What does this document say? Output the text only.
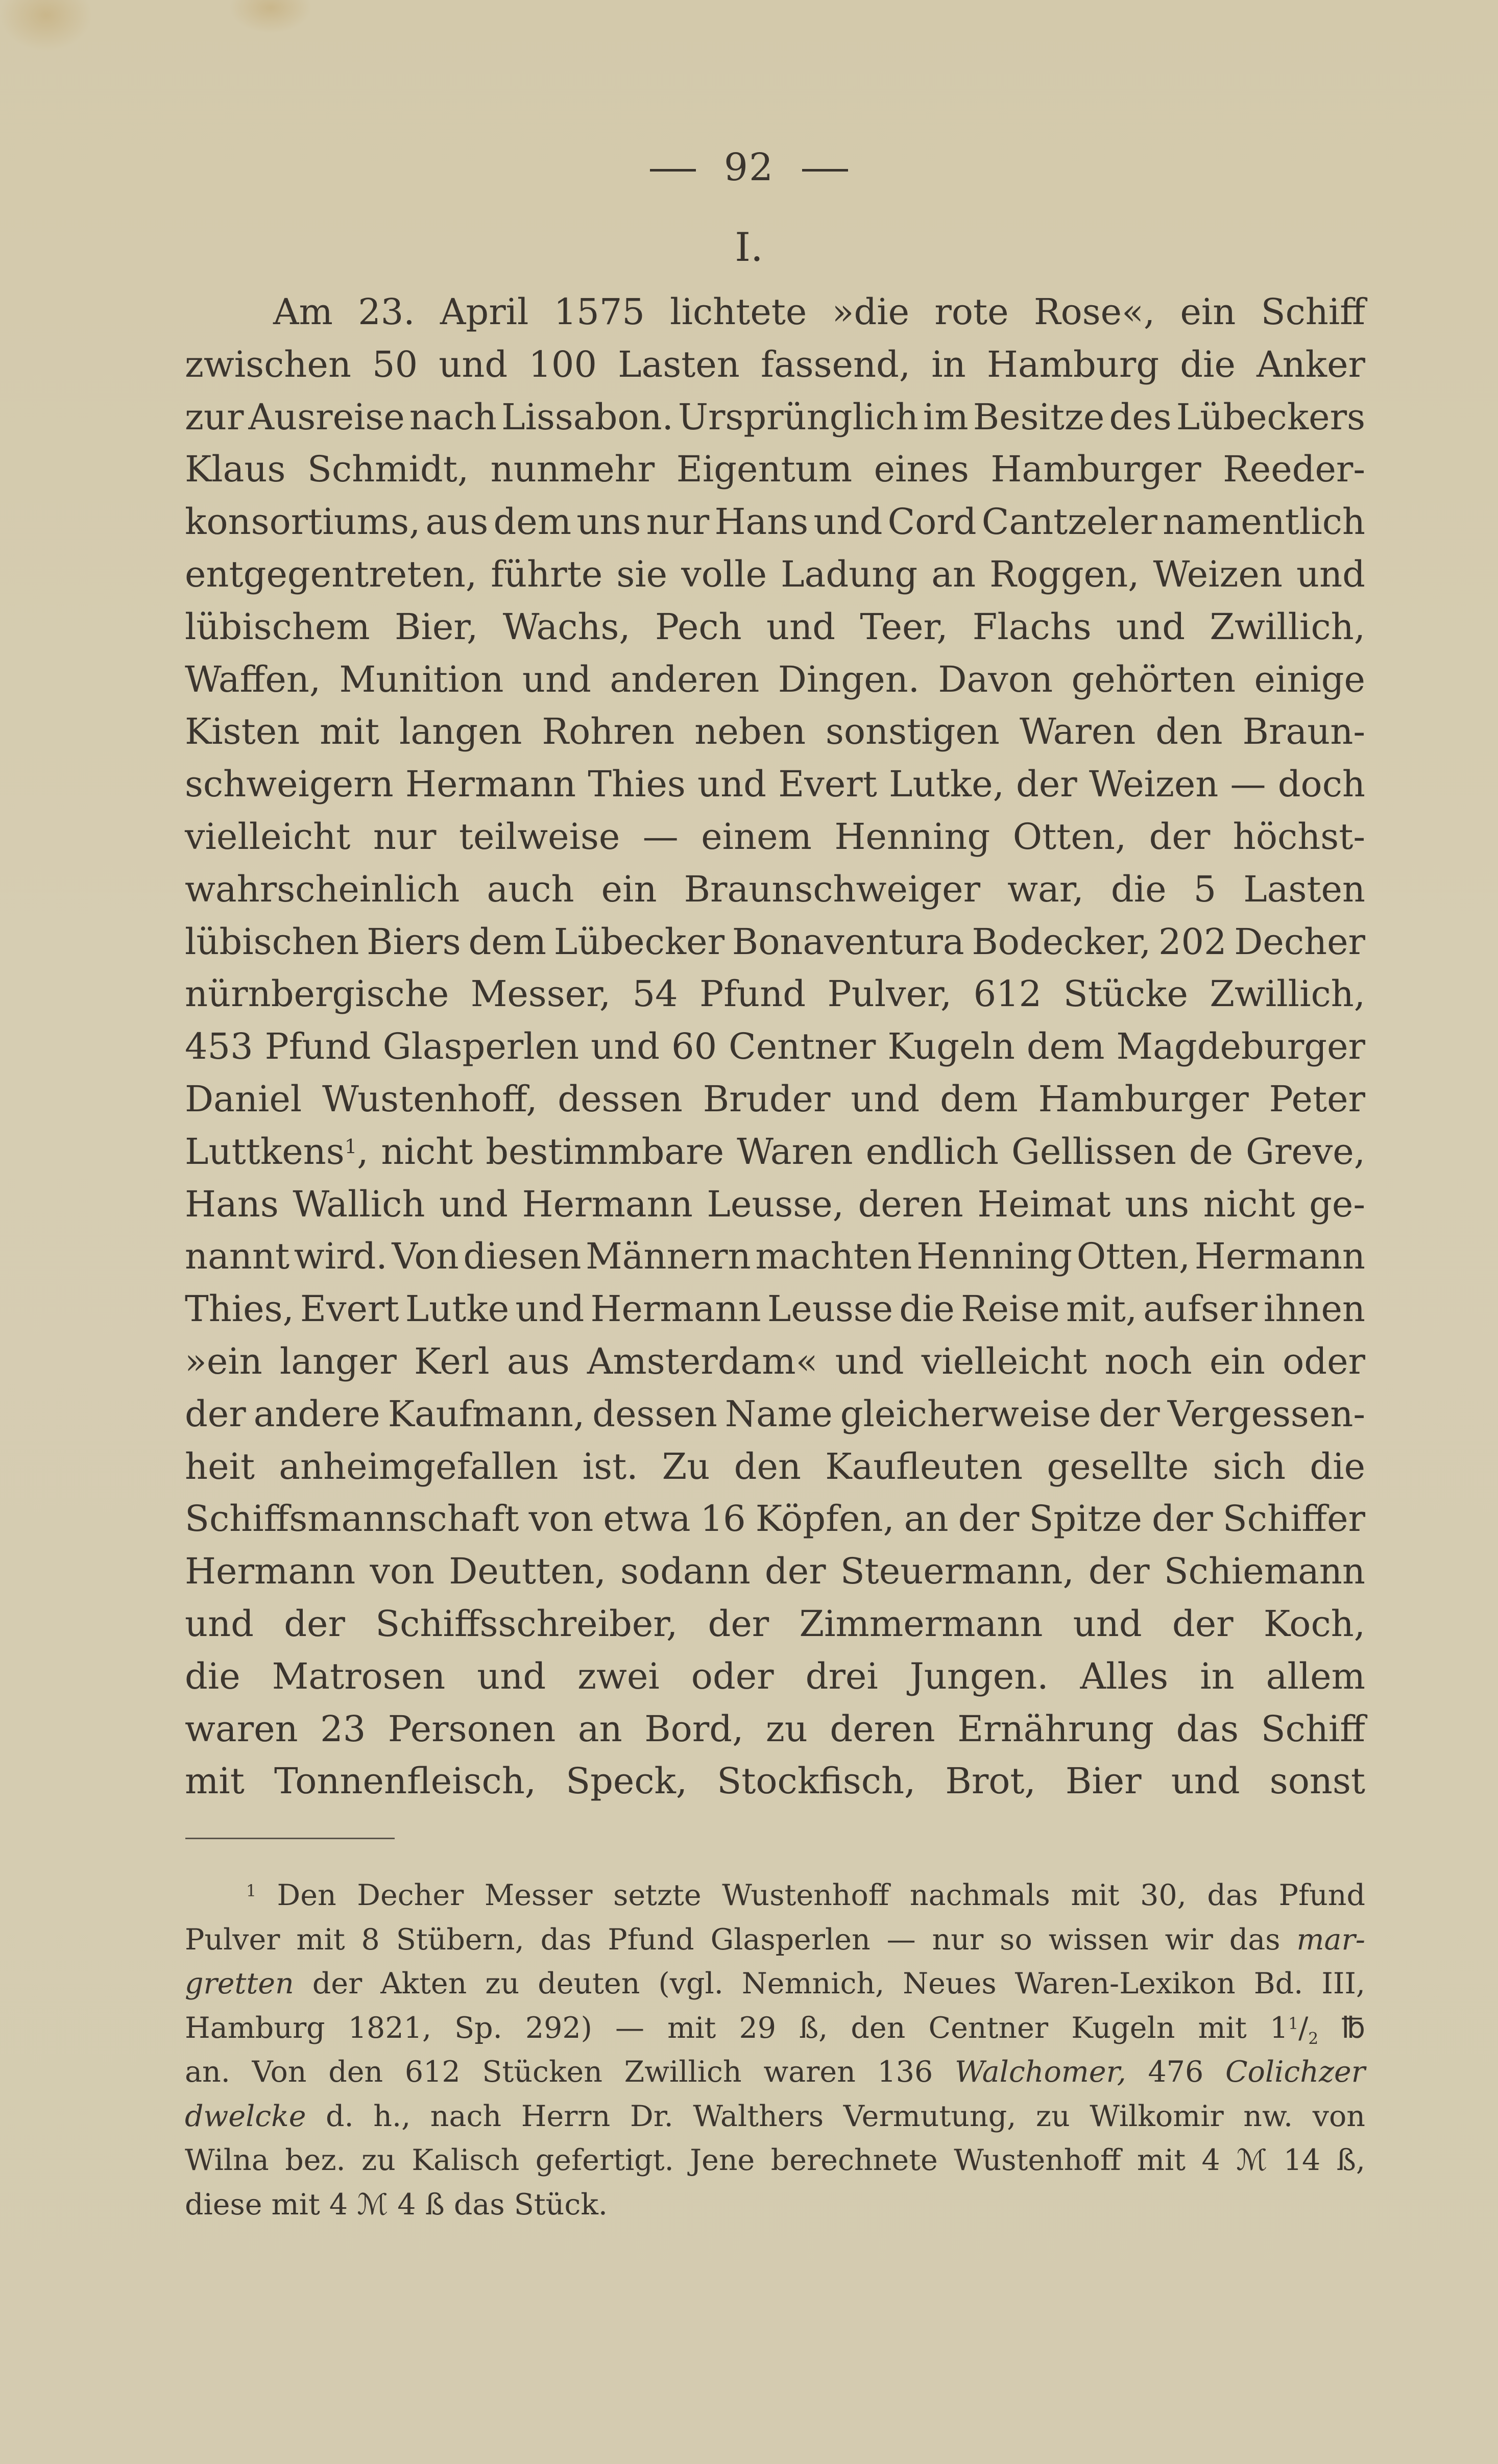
92
I.
Am 23. April 1575 lichtete »die rote Rose«, ein Schiff
zwischen 50 und 100 Lasten fassend, in Hamburg die Anker
zur Ausreise nach Lissabon. Ursprünglich im Besitze des Lübeckers
Klaus Schmidt, nunmehr Eigentum eines Hamburger Reeder-
konsortiums, aus dem uns nur Hans und Cord Cantzeler namentlich
entgegentreten, führte sie volle Ladung an Roggen, Weizen und
lübischem Bier, Wachs, Pech und Teer, Flachs und Zwillich,
Waffen, Munition und anderen Dingen. Davon gehörten einige
Kisten mit langen Rohren neben sonstigen Waren den Braun-
schweigern Hermann Thies und Evert Lutke, der Weizen — doch
vielleicht nur teilweise — einem Henning Otten, der höchst-
wahrscheinlich auch ein Braunschweiger war, die 5 Lasten
lübischen Biers dem Lübecker Bonaventura Bodecker, 202 Decher
nürnbergische Messer, 54 Pfund Pulver, 612 Stücke Zwillich,
453 Pfund Glasperlen und 60 Centner Kugeln dem Magdeburger
Daniel Wustenhoff, dessen Bruder und dem Hamburger Peter
Luttkens$^1$, nicht bestimmbare Waren endlich Gellissen de Greve,
Hans Wallich und Hermann Leusse, deren Heimat uns nicht ge-
nannt wird. Von diesen Männern machten Henning Otten, Hermann
Thies, Evert Lutke und Hermann Leusse die Reise mit, aufser ihnen
»ein langer Kerl aus Amsterdam« und vielleicht noch ein oder
der andere Kaufmann, dessen Name gleicherweise der Vergessen-
heit anheimgefallen ist. Zu den Kaufleuten gesellte sich die
Schiffsmannschaft von etwa 16 Köpfen, an der Spitze der Schiffer
Hermann von Deutten, sodann der Steuermann, der Schiemann
und der Schiffsschreiber, der Zimmermann und der Koch,
die Matrosen und zwei oder drei Jungen. Alles in allem
waren 23 Personen an Bord, zu deren Ernährung das Schiff
mit Tonnenfleisch, Speck, Stockfisch, Brot, Bier und sonst
$^1$ Den Decher Messer setzte Wustenhoff nachmals mit 30, das Pfund
Pulver mit 8 Stübern, das Pfund Glasperlen — nur so wissen wir das mar-
gretten der Akten zu deuten (vgl. Nemnich, Neues Waren-Lexikon Bd. III,
Hamburg 1821, Sp. 292) — mit 29 ß, den Centner Kugeln mit $1^1/_2$ ℔
an. Von den 612 Stücken Zwillich waren 136 Walchomer, 476 Colichzer
dwelcke d. h., nach Herrn Dr. Walthers Vermutung, zu Wilkomir nw. von
Wilna bez. zu Kalisch gefertigt. Jene berechnete Wustenhoff mit 4 ℳ 14 ß,
diese mit 4 ℳ 4 ß das Stück.
